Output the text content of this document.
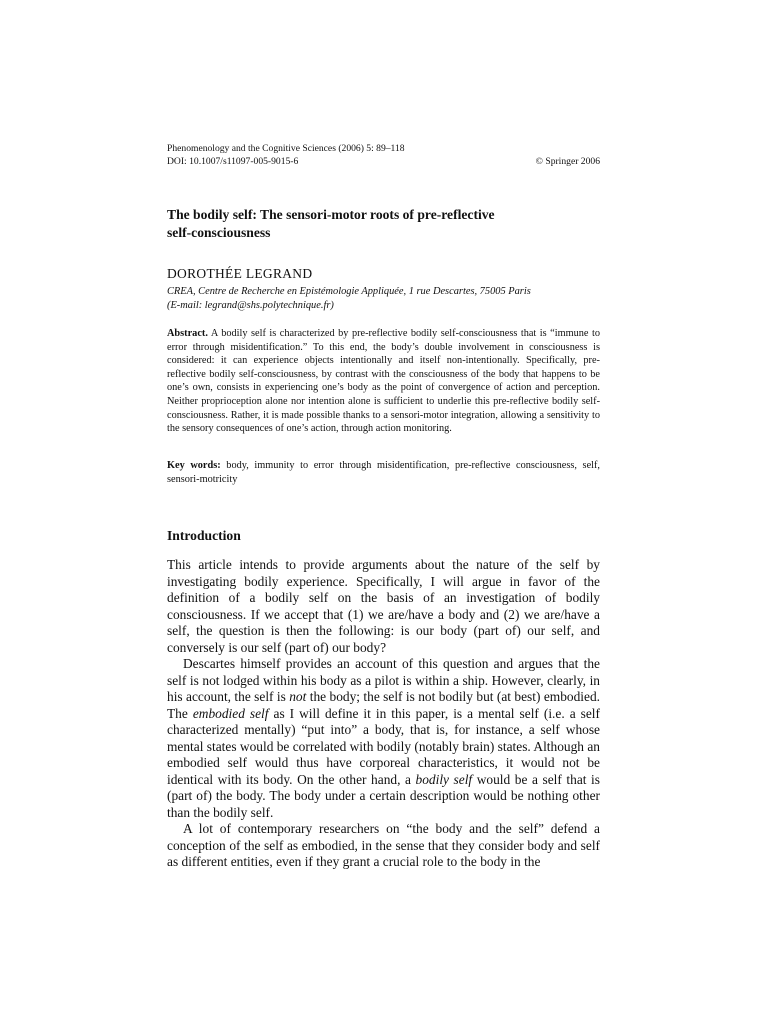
Phenomenology and the Cognitive Sciences (2006) 5: 89–118
DOI: 10.1007/s11097-005-9015-6	© Springer 2006
The bodily self: The sensori-motor roots of pre-reflective
self-consciousness
DOROTHÉE LEGRAND
CREA, Centre de Recherche en Epistémologie Appliquée, 1 rue Descartes, 75005 Paris
(E-mail: legrand@shs.polytechnique.fr)
Abstract. A bodily self is characterized by pre-reflective bodily self-consciousness that is “immune to error through misidentification.” To this end, the body’s double involvement in consciousness is considered: it can experience objects intentionally and itself non-intentionally. Specifically, pre-reflective bodily self-consciousness, by contrast with the consciousness of the body that happens to be one’s own, consists in experiencing one’s body as the point of convergence of action and perception. Neither proprioception alone nor intention alone is sufficient to underlie this pre-reflective bodily self-consciousness. Rather, it is made possible thanks to a sensori-motor integration, allowing a sensitivity to the sensory consequences of one’s action, through action monitoring.
Key words: body, immunity to error through misidentification, pre-reflective consciousness, self, sensori-motricity
Introduction

This article intends to provide arguments about the nature of the self by investigating bodily experience. Specifically, I will argue in favor of the definition of a bodily self on the basis of an investigation of bodily consciousness. If we accept that (1) we are/have a body and (2) we are/have a self, the question is then the following: is our body (part of) our self, and conversely is our self (part of) our body?

Descartes himself provides an account of this question and argues that the self is not lodged within his body as a pilot is within a ship. However, clearly, in his account, the self is not the body; the self is not bodily but (at best) embodied. The embodied self as I will define it in this paper, is a mental self (i.e. a self characterized mentally) “put into” a body, that is, for instance, a self whose mental states would be correlated with bodily (notably brain) states. Although an embodied self would thus have corporeal characteristics, it would not be identical with its body. On the other hand, a bodily self would be a self that is (part of) the body. The body under a certain description would be nothing other than the bodily self.

A lot of contemporary researchers on “the body and the self” defend a conception of the self as embodied, in the sense that they consider body and self as different entities, even if they grant a crucial role to the body in the
